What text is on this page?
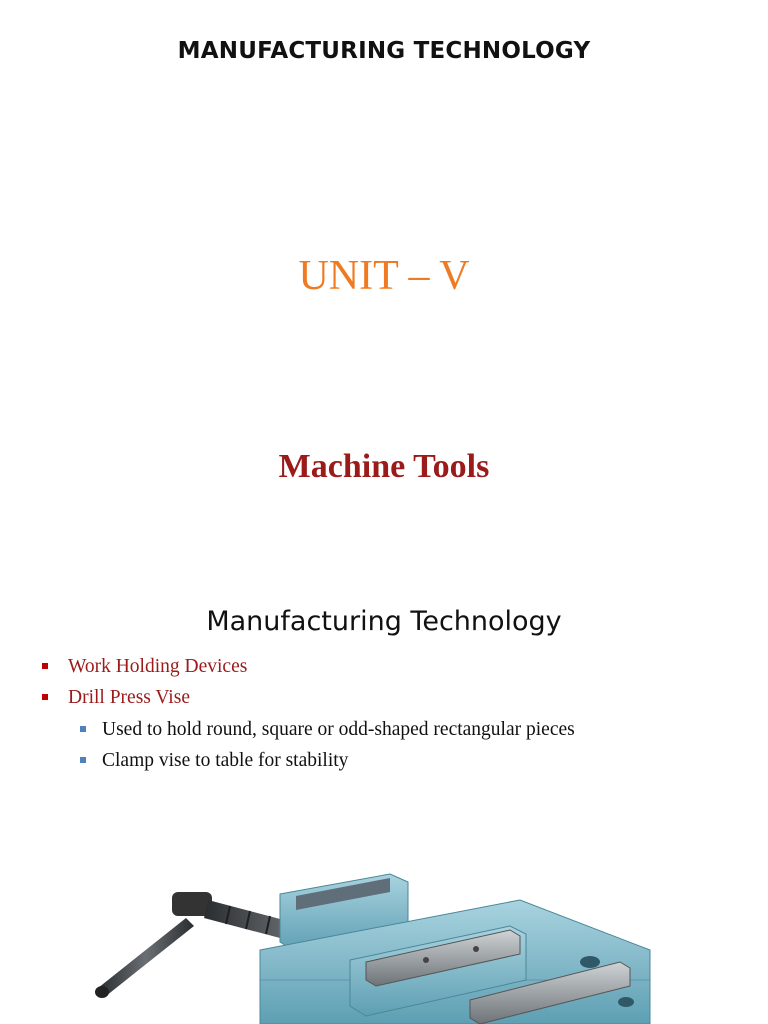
MANUFACTURING TECHNOLOGY
UNIT – V
Machine Tools
Manufacturing Technology
Work Holding Devices
Drill Press Vise
Used to hold round, square or odd-shaped rectangular pieces
Clamp vise to table for stability
